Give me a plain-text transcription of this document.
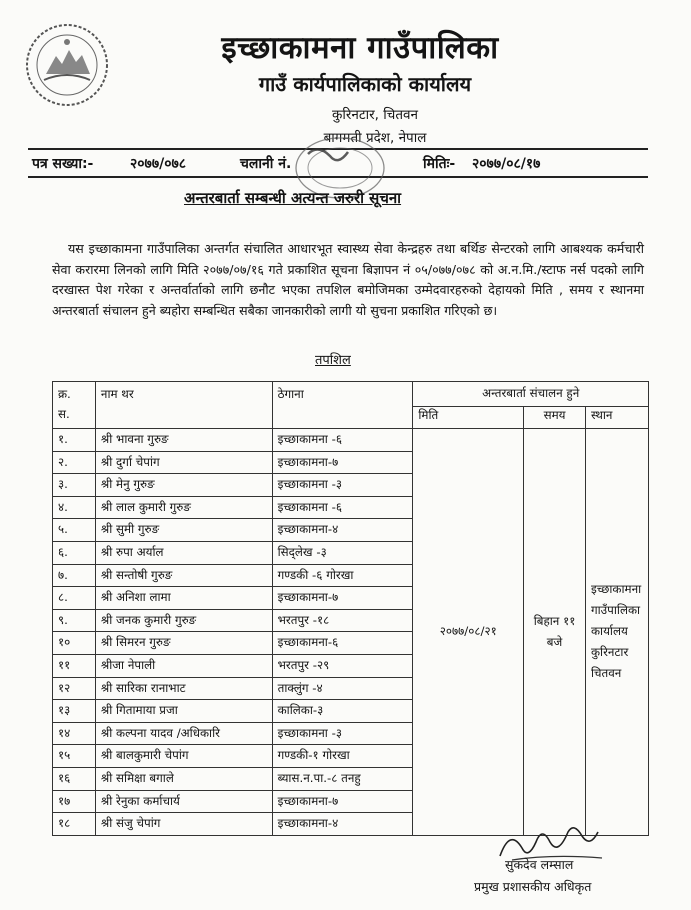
इच्छाकामना गाउँपालिका
गाउँ कार्यपालिकाको कार्यालय
कुरिनटार, चितवन
बागमती प्रदेश, नेपाल
पत्र सख्या:-	२०७७/०७८	चलानी नं.	मितिः- २०७७/०८/१७
अन्तरबार्ता सम्बन्धी अत्यन्त जरुरी सूचना
यस इच्छाकामना गाउँपालिका अन्तर्गत संचालित आधारभूत स्वास्थ्य सेवा केन्द्रहरु तथा बर्थिङ सेन्टरको लागि आबश्यक कर्मचारी सेवा करारमा लिनको लागि मिति २०७७/०७/१६ गते प्रकाशित सूचना बिज्ञापन नं ०५/०७७/०७८ को अ.न.मि./स्टाफ नर्स पदको लागि दरखास्त पेश गरेका र अन्तर्वार्ताको लागि छनौट भएका तपशिल बमोजिमका उम्मेदवारहरुको देहायको मिति , समय र स्थानमा अन्तरबार्ता संचालन हुने ब्यहोरा सम्बन्धित सबैका जानकारीको लागी यो सुचना प्रकाशित गरिएको छ।
तपशिल
क्र.
स.	नाम थर	ठेगाना	अन्तरबार्ता संचालन हुने		
			मिति	समय	स्थान
१.	श्री भावना गुरुङ	इच्छाकामना -६	२०७७/०८/२१	बिहान ११ बजे	इच्छाकामना
गाउँपालिका
कार्यालय
कुरिनटार
चितवन

२.	श्री दुर्गा चेपांग	इच्छाकामना-७			
३.	श्री मेनु गुरुङ	इच्छाकामना -३			
४.	श्री लाल कुमारी गुरुङ	इच्छाकामना -६			
५.	श्री सुमी गुरुङ	इच्छाकामना-४			
६.	श्री रुपा अर्याल	सिद्लेख -३			
७.	श्री सन्तोषी गुरुङ	गण्डकी -६ गोरखा			
८.	श्री अनिशा लामा	इच्छाकामना-७			
९.	श्री जनक कुमारी गुरुङ	भरतपुर -१८			
१०	श्री सिमरन गुरुङ	इच्छाकामना-६			
११	श्रीजा नेपाली	भरतपुर -२९			
१२	श्री सारिका रानाभाट	ताक्लुंग -४			
१३	श्री गितामाया प्रजा	कालिका-३			
१४	श्री कल्पना यादव /अधिकारि	इच्छाकामना -३			
१५	श्री बालकुमारी चेपांग	गण्डकी-१ गोरखा			
१६	श्री समिक्षा बगाले	ब्यास.न.पा.-८ तनहु			
१७	श्री रेनुका कर्माचार्य	इच्छाकामना-७			
१८	श्री संजु चेपांग	इच्छाकामना-४			
सुकदेव लम्साल
प्रमुख प्रशासकीय अधिकृत
